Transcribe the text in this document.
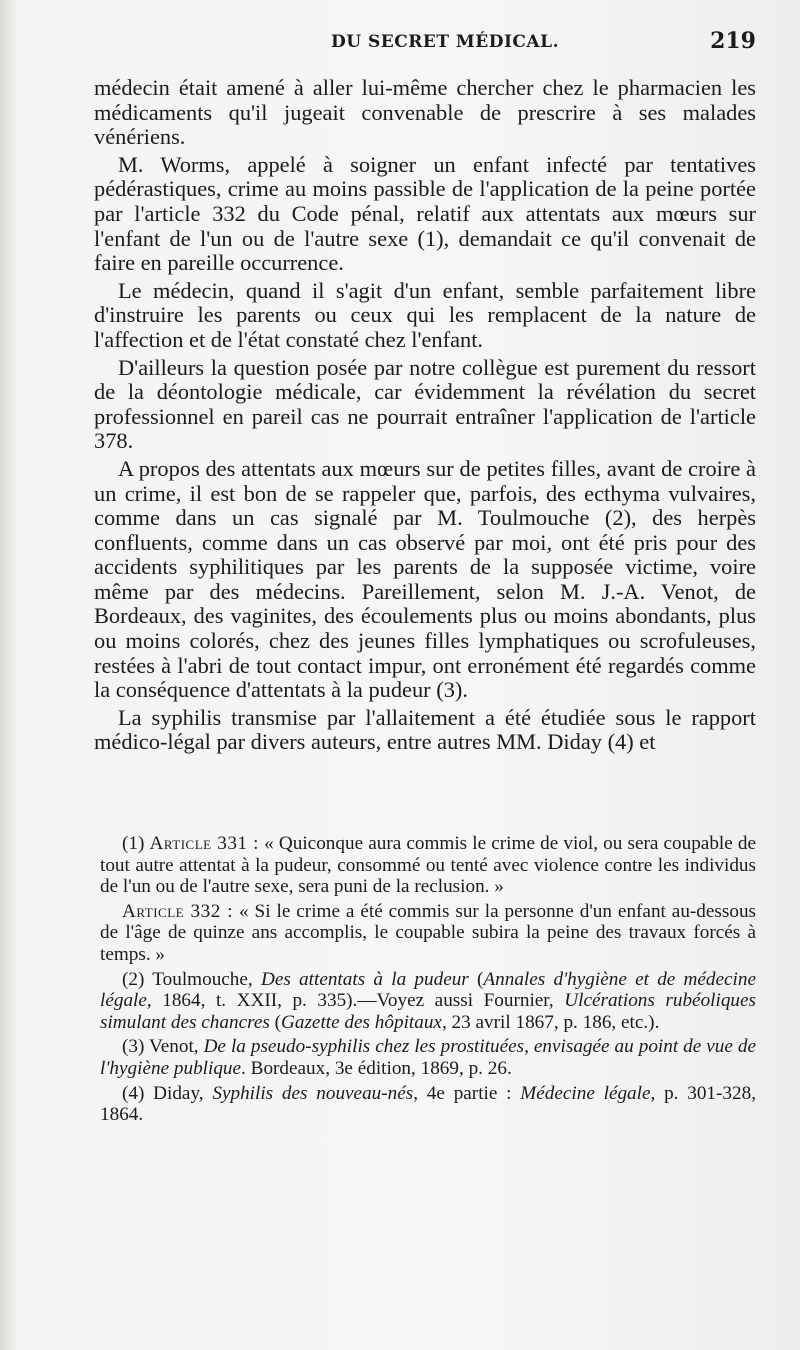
DU SECRET MÉDICAL.	219

médecin était amené à aller lui-même chercher chez le pharmacien les médicaments qu'il jugeait convenable de prescrire à ses malades vénériens.

M. Worms, appelé à soigner un enfant infecté par tentatives pédérastiques, crime au moins passible de l'application de la peine portée par l'article 332 du Code pénal, relatif aux attentats aux mœurs sur l'enfant de l'un ou de l'autre sexe (1), demandait ce qu'il convenait de faire en pareille occurrence.

Le médecin, quand il s'agit d'un enfant, semble parfaitement libre d'instruire les parents ou ceux qui les remplacent de la nature de l'affection et de l'état constaté chez l'enfant.

D'ailleurs la question posée par notre collègue est purement du ressort de la déontologie médicale, car évidemment la révélation du secret professionnel en pareil cas ne pourrait entraîner l'application de l'article 378.

A propos des attentats aux mœurs sur de petites filles, avant de croire à un crime, il est bon de se rappeler que, parfois, des ecthyma vulvaires, comme dans un cas signalé par M. Toulmouche (2), des herpès confluents, comme dans un cas observé par moi, ont été pris pour des accidents syphilitiques par les parents de la supposée victime, voire même par des médecins. Pareillement, selon M. J.-A. Venot, de Bordeaux, des vaginites, des écoulements plus ou moins abondants, plus ou moins colorés, chez des jeunes filles lymphatiques ou scrofuleuses, restées à l'abri de tout contact impur, ont erronément été regardés comme la conséquence d'attentats à la pudeur (3).

La syphilis transmise par l'allaitement a été étudiée sous le rapport médico-légal par divers auteurs, entre autres MM. Diday (4) et

(1) Article 331 : « Quiconque aura commis le crime de viol, ou sera coupable de tout autre attentat à la pudeur, consommé ou tenté avec violence contre les individus de l'un ou de l'autre sexe, sera puni de la reclusion. »

Article 332 : « Si le crime a été commis sur la personne d'un enfant au-dessous de l'âge de quinze ans accomplis, le coupable subira la peine des travaux forcés à temps. »

(2) Toulmouche, Des attentats à la pudeur (Annales d'hygiène et de médecine légale, 1864, t. XXII, p. 335).—Voyez aussi Fournier, Ulcérations rubéoliques simulant des chancres (Gazette des hôpitaux, 23 avril 1867, p. 186, etc.).

(3) Venot, De la pseudo-syphilis chez les prostituées, envisagée au point de vue de l'hygiène publique. Bordeaux, 3e édition, 1869, p. 26.

(4) Diday, Syphilis des nouveau-nés, 4e partie : Médecine légale, p. 301-328, 1864.
